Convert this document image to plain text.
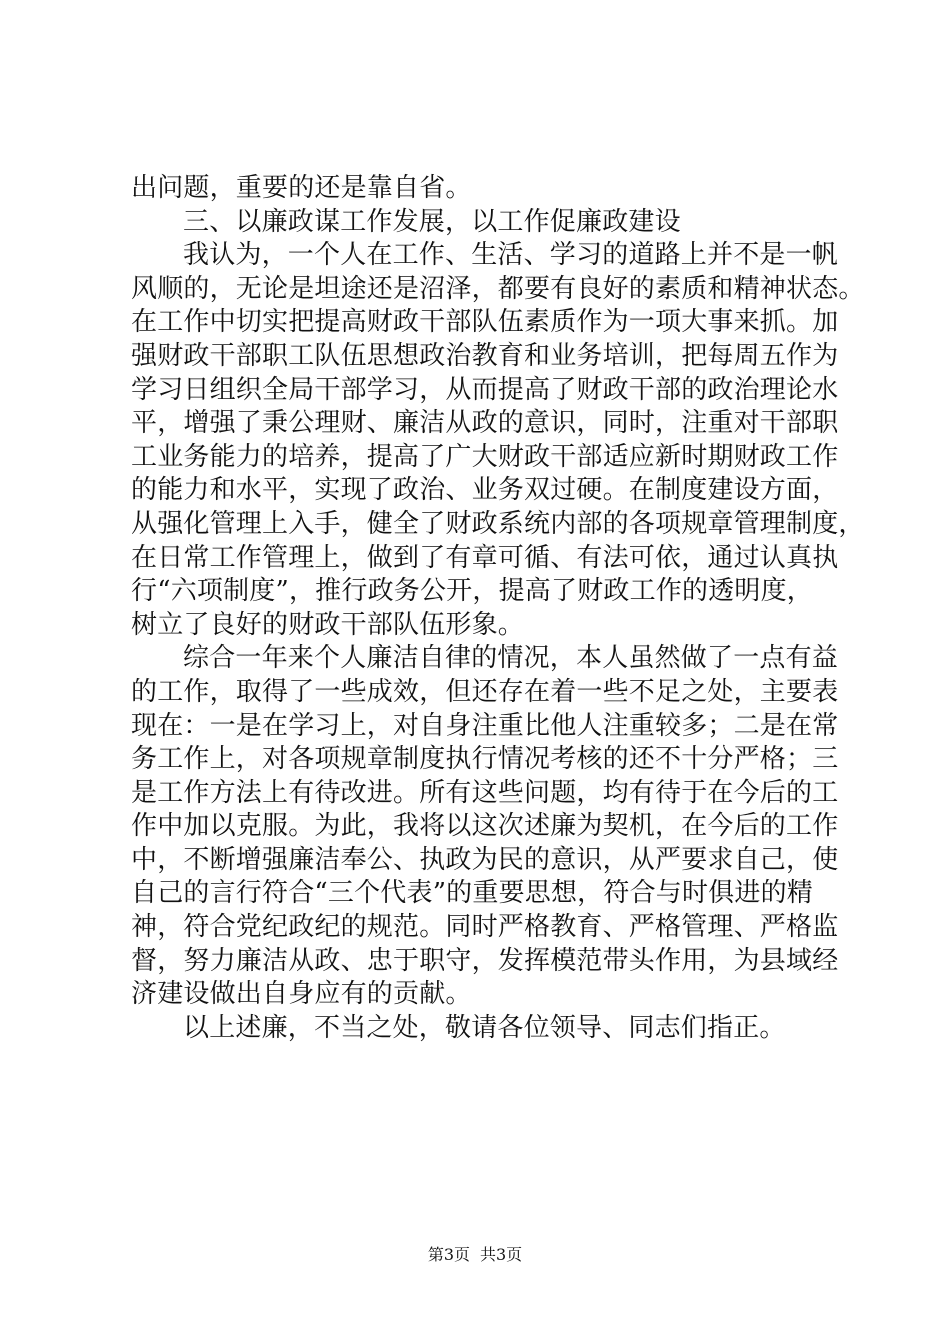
出问题，重要的还是靠自省。
三、以廉政谋工作发展，以工作促廉政建设
我认为，一个人在工作、生活、学习的道路上并不是一帆
风顺的，无论是坦途还是沼泽，都要有良好的素质和精神状态。
在工作中切实把提高财政干部队伍素质作为一项大事来抓。加
强财政干部职工队伍思想政治教育和业务培训，把每周五作为
学习日组织全局干部学习，从而提高了财政干部的政治理论水
平，增强了秉公理财、廉洁从政的意识，同时，注重对干部职
工业务能力的培养，提高了广大财政干部适应新时期财政工作
的能力和水平，实现了政治、业务双过硬。在制度建设方面，
从强化管理上入手，健全了财政系统内部的各项规章管理制度，
在日常工作管理上，做到了有章可循、有法可依，通过认真执
行“六项制度”，推行政务公开，提高了财政工作的透明度，
树立了良好的财政干部队伍形象。
综合一年来个人廉洁自律的情况，本人虽然做了一点有益
的工作，取得了一些成效，但还存在着一些不足之处，主要表
现在：一是在学习上，对自身注重比他人注重较多；二是在常
务工作上，对各项规章制度执行情况考核的还不十分严格；三
是工作方法上有待改进。所有这些问题，均有待于在今后的工
作中加以克服。为此，我将以这次述廉为契机，在今后的工作
中，不断增强廉洁奉公、执政为民的意识，从严要求自己，使
自己的言行符合“三个代表”的重要思想，符合与时俱进的精
神，符合党纪政纪的规范。同时严格教育、严格管理、严格监
督，努力廉洁从政、忠于职守，发挥模范带头作用，为县域经
济建设做出自身应有的贡献。
以上述廉，不当之处，敬请各位领导、同志们指正。
第3页 共3页
